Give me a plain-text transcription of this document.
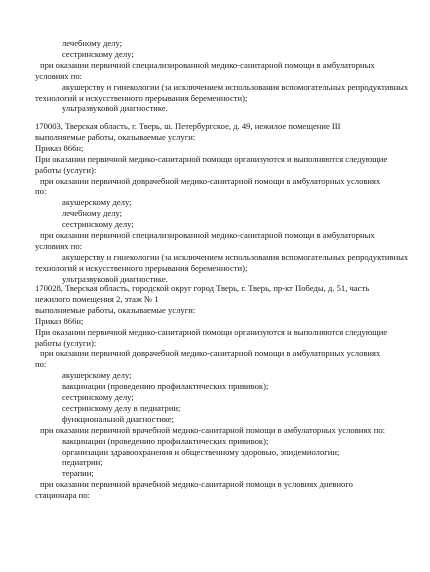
лечебному делу;
сестринскому делу;
при оказании первичной специализированной медико-санитарной помощи в амбулаторных
условиях по:
акушерству и гинекологии (за исключением использования вспомогательных репродуктивных
технологий и искусственного прерывания беременности);
ультразвуковой диагностике.
170003, Тверская область, г. Тверь, ш. Петербургское, д. 49, нежилое помещение III
выполняемые работы, оказываемые услуги:
Приказ 866н;
При оказании первичной медико-санитарной помощи организуются и выполняются следующие
работы (услуги):
при оказании первичной доврачебной медико-санитарной помощи в амбулаторных условиях
по:
акушерскому делу;
лечебному делу;
сестринскому делу;
при оказании первичной специализированной медико-санитарной помощи в амбулаторных
условиях по:
акушерству и гинекологии (за исключением использования вспомогательных репродуктивных
технологий и искусственного прерывания беременности);
ультразвуковой диагностике.
170028, Тверская область, городской округ город Тверь, г. Тверь, пр-кт Победы, д. 51, часть
нежилого помещения 2, этаж № 1
выполняемые работы, оказываемые услуги:
Приказ 866н;
При оказании первичной медико-санитарной помощи организуются и выполняются следующие
работы (услуги):
при оказании первичной доврачебной медико-санитарной помощи в амбулаторных условиях
по:
акушерскому делу;
вакцинации (проведению профилактических прививок);
сестринскому делу;
сестринскому делу в педиатрии;
функциональной диагностике;
при оказании первичной врачебной медико-санитарной помощи в амбулаторных условиях по:
вакцинации (проведению профилактических прививок);
организации здравоохранения и общественному здоровью, эпидемиологии;
педиатрии;
терапии;
при оказании первичной врачебной медико-санитарной помощи в условиях дневного
стационара по:
